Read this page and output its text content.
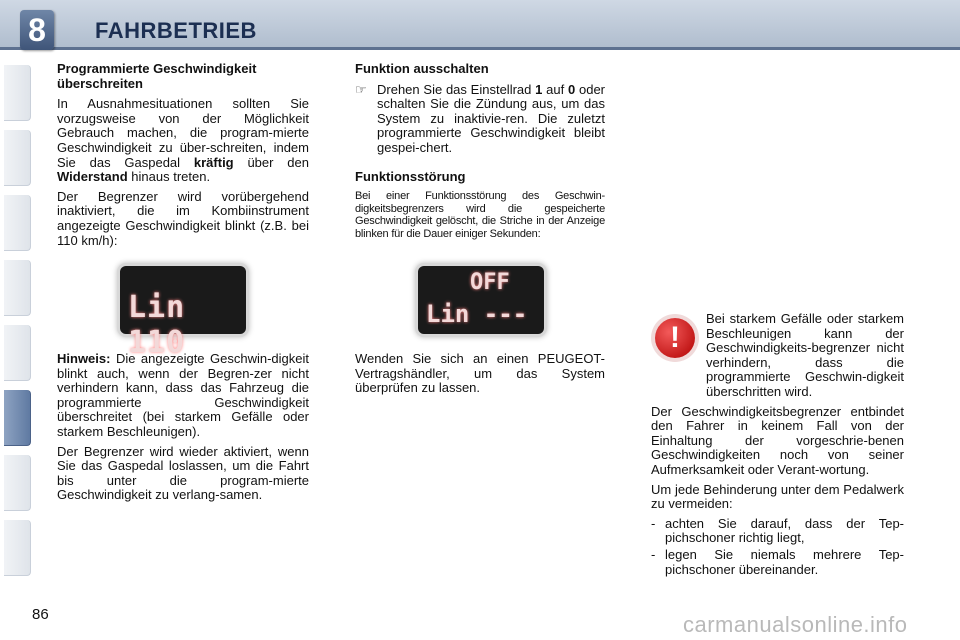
8	FAHRBETRIEB
Programmierte Geschwindigkeit überschreiten

In Ausnahmesituationen sollten Sie vorzugsweise von der Möglichkeit Gebrauch machen, die program-mierte Geschwindigkeit zu über-schreiten, indem Sie das Gaspedal kräftig über den Widerstand hinaus treten.

Der Begrenzer wird vorübergehend inaktiviert, die im Kombiinstrument angezeigte Geschwindigkeit blinkt (z.B. bei 110 km/h):

Lin 110

Hinweis: Die angezeigte Geschwin-digkeit blinkt auch, wenn der Begren-zer nicht verhindern kann, dass das Fahrzeug die programmierte Geschwindigkeit überschreitet (bei starkem Gefälle oder starkem Beschleunigen).

Der Begrenzer wird wieder aktiviert, wenn Sie das Gaspedal loslassen, um die Fahrt bis unter die program-mierte Geschwindigkeit zu verlang-samen.

Funktion ausschalten
☞ Drehen Sie das Einstellrad 1 auf 0 oder schalten Sie die Zündung aus, um das System zu inaktivie-ren. Die zuletzt programmierte Geschwindigkeit bleibt gespei-chert.
Funktionsstörung

Bei einer Funktionsstörung des Geschwin-digkeitsbegrenzers wird die gespeicherte Geschwindigkeit gelöscht, die Striche in der Anzeige blinken für die Dauer einiger Sekunden:

OFF
Lin ---

Wenden Sie sich an einen PEUGEOT-Vertragshändler, um das System überprüfen zu lassen.

!

Bei starkem Gefälle oder starkem Beschleunigen kann der Geschwindigkeits-begrenzer nicht verhindern, dass die programmierte Geschwin-digkeit überschritten wird.

Der Geschwindigkeitsbegrenzer entbindet den Fahrer in keinem Fall von der Einhaltung der vorgeschrie-benen Geschwindigkeiten noch von seiner Aufmerksamkeit oder Verant-wortung.

Um jede Behinderung unter dem Pedalwerk zu vermeiden:

- achten Sie darauf, dass der Tep-pichschoner richtig liegt,
- legen Sie niemals mehrere Tep-pichschoner übereinander.
86	carmanualsonline.info
